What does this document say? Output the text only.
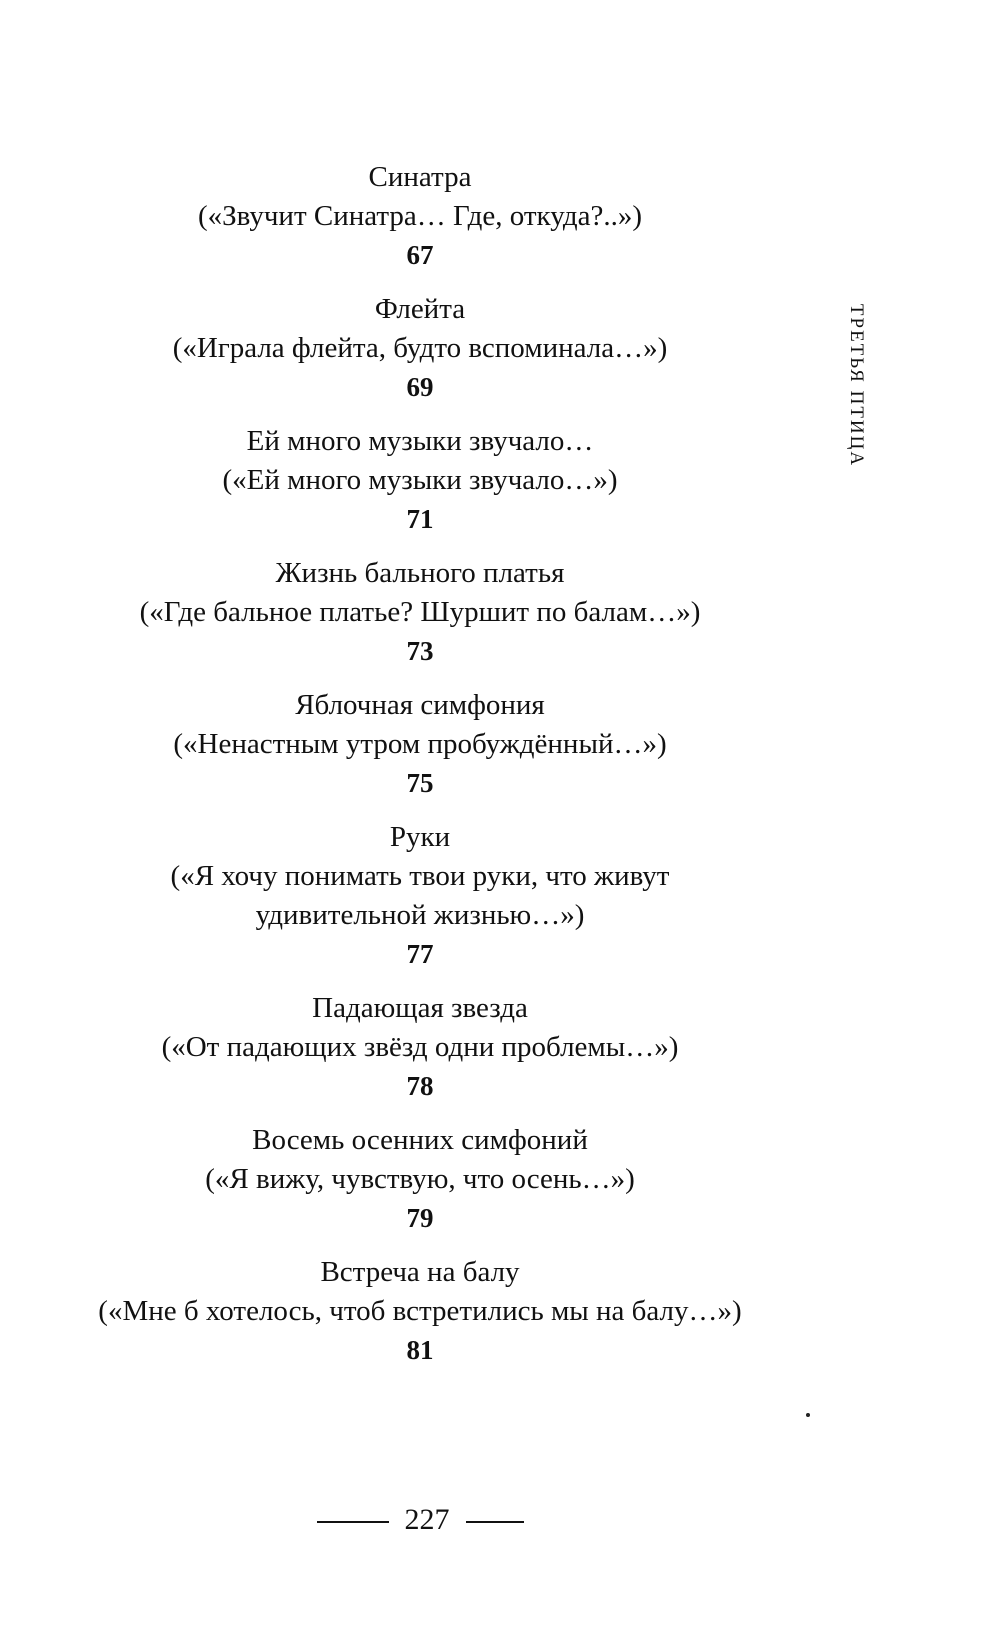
ТРЕТЬЯ ПТИЦА
Синатра
(«Звучит Синатра… Где, откуда?..»)
67
Флейта
(«Играла флейта, будто вспоминала…»)
69
Ей много музыки звучало…
(«Ей много музыки звучало…»)
71
Жизнь бального платья
(«Где бальное платье? Шуршит по балам…»)
73
Яблочная симфония
(«Ненастным утром пробуждённый…»)
75
Руки
(«Я хочу понимать твои руки, что живут
удивительной жизнью…»)
77
Падающая звезда
(«От падающих звёзд одни проблемы…»)
78
Восемь осенних симфоний
(«Я вижу, чувствую, что осень…»)
79
Встреча на балу
(«Мне б хотелось, чтоб встретились мы на балу…»)
81
227
